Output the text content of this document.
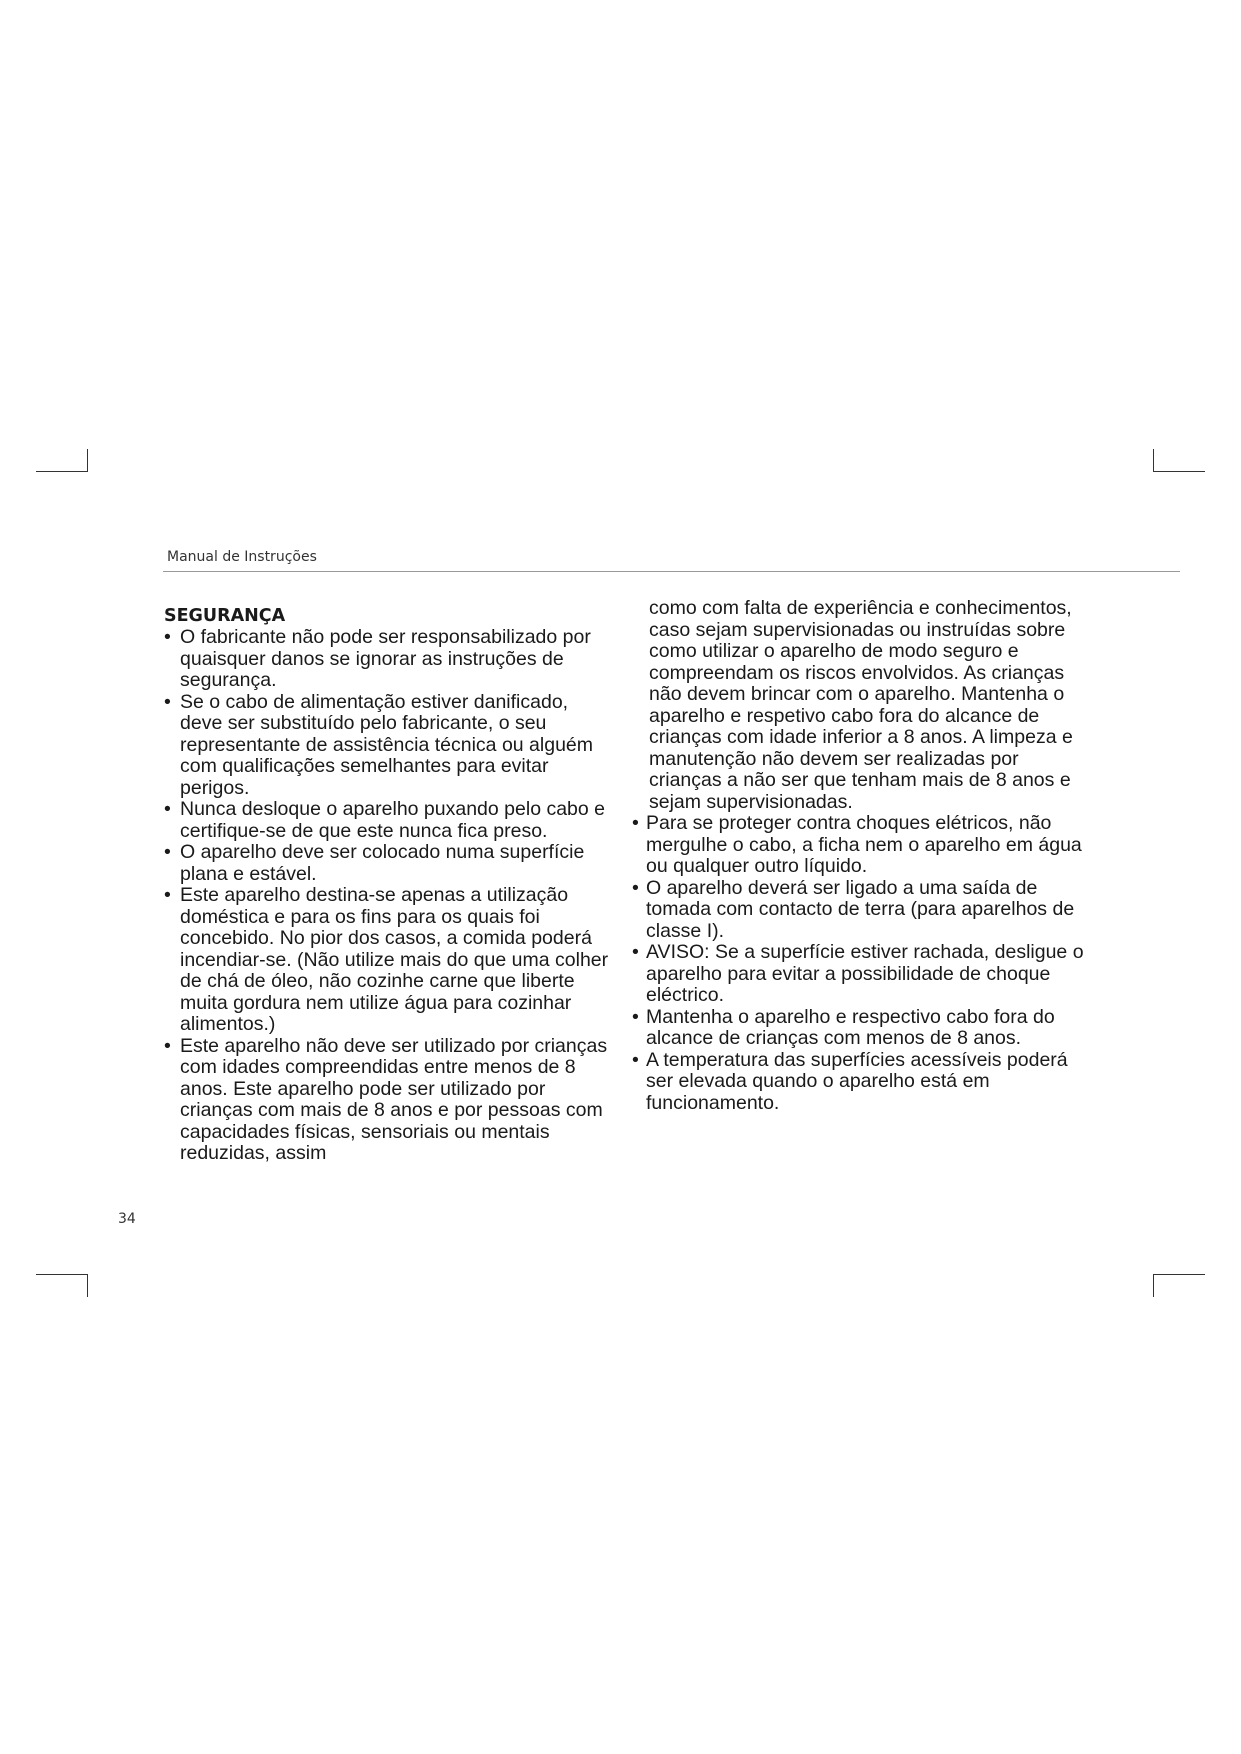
Manual de Instruções
SEGURANÇA
• O fabricante não pode ser responsabilizado por quaisquer danos se ignorar as instruções de segurança.
• Se o cabo de alimentação estiver danificado, deve ser substituído pelo fabricante, o seu representante de assistência técnica ou alguém com qualificações semelhantes para evitar perigos.
• Nunca desloque o aparelho puxando pelo cabo e certifique-se de que este nunca fica preso.
• O aparelho deve ser colocado numa superfície plana e estável.
• Este aparelho destina-se apenas a utilização doméstica e para os fins para os quais foi concebido. No pior dos casos, a comida poderá incendiar-se. (Não utilize mais do que uma colher de chá de óleo, não cozinhe carne que liberte muita gordura nem utilize água para cozinhar alimentos.)
• Este aparelho não deve ser utilizado por crianças com idades compreendidas entre menos de 8 anos. Este aparelho pode ser utilizado por crianças com mais de 8 anos e por pessoas com capacidades físicas, sensoriais ou mentais reduzidas, assim
como com falta de experiência e conhecimentos, caso sejam supervisionadas ou instruídas sobre como utilizar o aparelho de modo seguro e compreendam os riscos envolvidos. As crianças não devem brincar com o aparelho. Mantenha o aparelho e respetivo cabo fora do alcance de crianças com idade inferior a 8 anos. A limpeza e manutenção não devem ser realizadas por crianças a não ser que tenham mais de 8 anos e sejam supervisionadas.
• Para se proteger contra choques elétricos, não mergulhe o cabo, a ficha nem o aparelho em água ou qualquer outro líquido.
• O aparelho deverá ser ligado a uma saída de tomada com contacto de terra (para aparelhos de classe I).
• AVISO: Se a superfície estiver rachada, desligue o aparelho para evitar a possibilidade de choque eléctrico.
• Mantenha o aparelho e respectivo cabo fora do alcance de crianças com menos de 8 anos.
• A temperatura das superfícies acessíveis poderá ser elevada quando o aparelho está em funcionamento.
34
